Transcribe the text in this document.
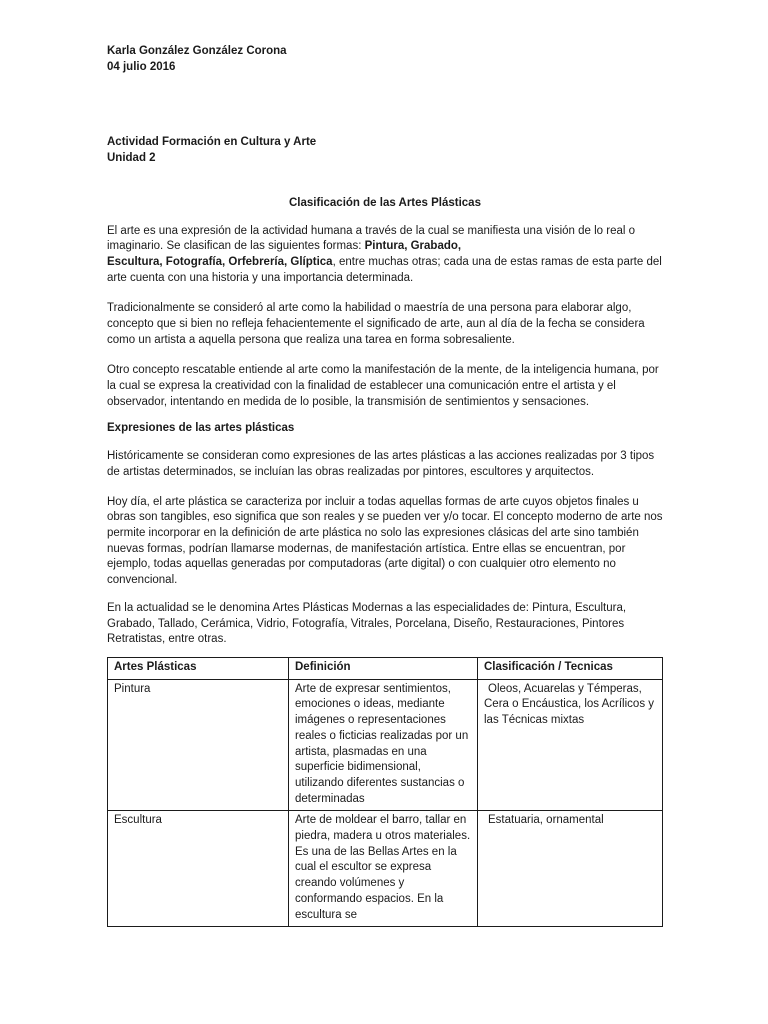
Karla González González Corona
04 julio 2016
Actividad Formación en Cultura y Arte
Unidad 2
Clasificación de las Artes Plásticas

El arte es una expresión de la actividad humana a través de la cual se manifiesta una visión de lo real o imaginario. Se clasifican de las siguientes formas: Pintura, Grabado,
Escultura, Fotografía, Orfebrería, Glíptica, entre muchas otras; cada una de estas ramas de esta parte del arte cuenta con una historia y una importancia determinada.

Tradicionalmente se consideró al arte como la habilidad o maestría de una persona para elaborar algo, concepto que si bien no refleja fehacientemente el significado de arte, aun al día de la fecha se considera como un artista a aquella persona que realiza una tarea en forma sobresaliente.

Otro concepto rescatable entiende al arte como la manifestación de la mente, de la inteligencia humana, por la cual se expresa la creatividad con la finalidad de establecer una comunicación entre el artista y el observador, intentando en medida de lo posible, la transmisión de sentimientos y sensaciones.

Expresiones de las artes plásticas

Históricamente se consideran como expresiones de las artes plásticas a las acciones realizadas por 3 tipos de artistas determinados, se incluían las obras realizadas por pintores, escultores y arquitectos.

Hoy día, el arte plástica se caracteriza por incluir a todas aquellas formas de arte cuyos objetos finales u obras son tangibles, eso significa que son reales y se pueden ver y/o tocar. El concepto moderno de arte nos permite incorporar en la definición de arte plástica no solo las expresiones clásicas del arte sino también nuevas formas, podrían llamarse modernas, de manifestación artística. Entre ellas se encuentran, por ejemplo, todas aquellas generadas por computadoras (arte digital) o con cualquier otro elemento no convencional.

En la actualidad se le denomina Artes Plásticas Modernas a las especialidades de: Pintura, Escultura, Grabado, Tallado, Cerámica, Vidrio, Fotografía, Vitrales, Porcelana, Diseño, Restauraciones, Pintores Retratistas, entre otras.

Artes Plásticas	Definición	Clasificación / Tecnicas
Pintura	Arte de expresar sentimientos, emociones o ideas, mediante imágenes o representaciones reales o ficticias realizadas por un artista, plasmadas en una superficie bidimensional, utilizando diferentes sustancias o determinadas	Oleos, Acuarelas y Témperas, Cera o Encáustica, los Acrílicos y las Técnicas mixtas
Escultura	Arte de moldear el barro, tallar en piedra, madera u otros materiales. Es una de las Bellas Artes en la cual el escultor se expresa creando volúmenes y conformando espacios. En la escultura se	Estatuaria, ornamental
